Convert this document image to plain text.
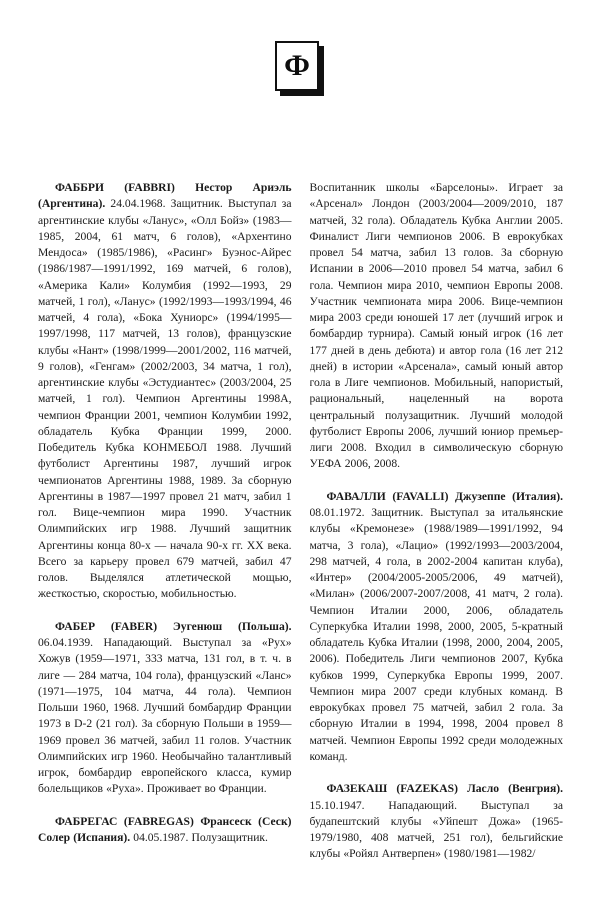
Ф

ФАББРИ (FABBRI) Нестор Ариэль (Аргентина). 24.04.1968. Защитник. Выступал за аргентинские клубы «Ланус», «Олл Бойз» (1983—1985, 2004, 61 матч, 6 голов), «Архентино Мендоса» (1985/1986), «Расинг» Буэнос-Айрес (1986/1987—1991/1992, 169 матчей, 6 голов), «Америка Кали» Колумбия (1992—1993, 29 матчей, 1 гол), «Ланус» (1992/1993—1993/1994, 46 матчей, 4 гола), «Бока Хуниорс» (1994/1995—1997/1998, 117 матчей, 13 голов), французские клубы «Нант» (1998/1999—2001/2002, 116 матчей, 9 голов), «Генгам» (2002/2003, 34 матча, 1 гол), аргентинские клубы «Эстудиантес» (2003/2004, 25 матчей, 1 гол). Чемпион Аргентины 1998А, чемпион Франции 2001, чемпион Колумбии 1992, обладатель Кубка Франции 1999, 2000. Победитель Кубка КОНМЕБОЛ 1988. Лучший футболист Аргентины 1987, лучший игрок чемпионатов Аргентины 1988, 1989. За сборную Аргентины в 1987—1997 провел 21 матч, забил 1 гол. Вице-чемпион мира 1990. Участник Олимпийских игр 1988. Лучший защитник Аргентины конца 80-х — начала 90-х гг. XX века. Всего за карьеру провел 679 матчей, забил 47 голов. Выделялся атлетической мощью, жесткостью, скоростью, мобильностью.

ФАБЕР (FABER) Эугенюш (Польша). 06.04.1939. Нападающий. Выступал за «Рух» Хожув (1959—1971, 333 матча, 131 гол, в т. ч. в лиге — 284 матча, 104 гола), французский «Ланс» (1971—1975, 104 матча, 44 гола). Чемпион Польши 1960, 1968. Лучший бомбардир Франции 1973 в D-2 (21 гол). За сборную Польши в 1959—1969 провел 36 матчей, забил 11 голов. Участник Олимпийских игр 1960. Необычайно талантливый игрок, бомбардир европейского класса, кумир болельщиков «Руха». Проживает во Франции.

ФАБРЕГАС (FABREGAS) Франсеск (Сеск) Солер (Испания). 04.05.1987. Полузащитник.

Воспитанник школы «Барселоны». Играет за «Арсенал» Лондон (2003/2004—2009/2010, 187 матчей, 32 гола). Обладатель Кубка Англии 2005. Финалист Лиги чемпионов 2006. В еврокубках провел 54 матча, забил 13 голов. За сборную Испании в 2006—2010 провел 54 матча, забил 6 гола. Чемпион мира 2010, чемпион Европы 2008. Участник чемпионата мира 2006. Вице-чемпион мира 2003 среди юношей 17 лет (лучший игрок и бомбардир турнира). Самый юный игрок (16 лет 177 дней в день дебюта) и автор гола (16 лет 212 дней) в истории «Арсенала», самый юный автор гола в Лиге чемпионов. Мобильный, напористый, рациональный, нацеленный на ворота центральный полузащитник. Лучший молодой футболист Европы 2006, лучший юниор премьер-лиги 2008. Входил в символическую сборную УЕФА 2006, 2008.

ФАВАЛЛИ (FAVALLI) Джузеппе (Италия). 08.01.1972. Защитник. Выступал за итальянские клубы «Кремонезе» (1988/1989—1991/1992, 94 матча, 3 гола), «Лацио» (1992/1993—2003/2004, 298 матчей, 4 гола, в 2002-2004 капитан клуба), «Интер» (2004/2005-2005/2006, 49 матчей), «Милан» (2006/2007-2007/2008, 41 матч, 2 гола). Чемпион Италии 2000, 2006, обладатель Суперкубка Италии 1998, 2000, 2005, 5-кратный обладатель Кубка Италии (1998, 2000, 2004, 2005, 2006). Победитель Лиги чемпионов 2007, Кубка кубков 1999, Суперкубка Европы 1999, 2007. Чемпион мира 2007 среди клубных команд. В еврокубках провел 75 матчей, забил 2 гола. За сборную Италии в 1994, 1998, 2004 провел 8 матчей. Чемпион Европы 1992 среди молодежных команд.

ФАЗЕКАШ (FAZEKAS) Ласло (Венгрия). 15.10.1947. Нападающий. Выступал за будапештский клубы «Уйпешт Дожа» (1965-1979/1980, 408 матчей, 251 гол), бельгийские клубы «Ройял Антверпен» (1980/1981—1982/
